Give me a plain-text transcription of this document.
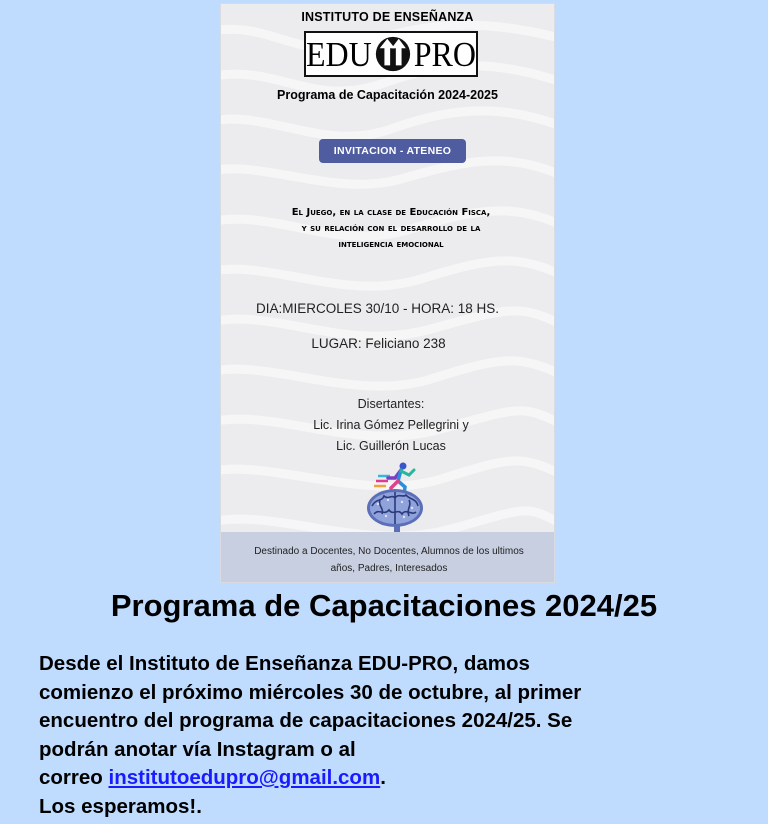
INSTITUTO DE ENSEÑANZA
EDU PRO
Programa de Capacitación 2024-2025
INVITACION - ATENEO
El Juego, en la clase de Educación Fisca,
y su relación con el desarrollo de la
inteligencia emocional
DIA:MIERCOLES 30/10 - HORA: 18 HS.
LUGAR: Feliciano 238
Disertantes:
Lic. Irina Gómez Pellegrini y
Lic. Guillerón Lucas
Destinado a Docentes, No Docentes, Alumnos de los ultimos
años, Padres, Interesados
Programa de Capacitaciones 2024/25

Desde el Instituto de Enseñanza EDU-PRO, damos

comienzo el próximo miércoles 30 de octubre, al primer

encuentro del programa de capacitaciones 2024/25. Se

podrán anotar vía Instagram o al

correo institutoedupro@gmail.com.

Los esperamos!.
